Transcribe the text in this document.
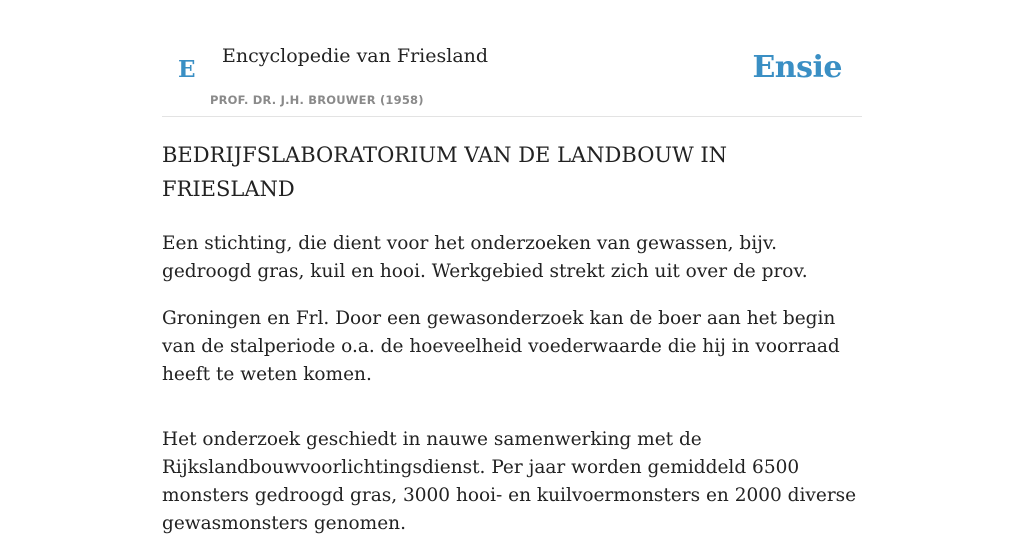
E Encyclopedie van Friesland
PROF. DR. J.H. BROUWER (1958)
Ensie
BEDRIJFSLABORATORIUM VAN DE LANDBOUW IN FRIESLAND

Een stichting, die dient voor het onderzoeken van gewassen, bijv. gedroogd gras, kuil en hooi. Werkgebied strekt zich uit over de prov.

Groningen en Frl. Door een gewasonderzoek kan de boer aan het begin van de stalperiode o.a. de hoeveelheid voederwaarde die hij in voorraad heeft te weten komen.

Het onderzoek geschiedt in nauwe samenwerking met de Rijkslandbouwvoorlichtingsdienst. Per jaar worden gemiddeld 6500 monsters gedroogd gras, 3000 hooi- en kuilvoermonsters en 2000 diverse gewasmonsters genomen.
